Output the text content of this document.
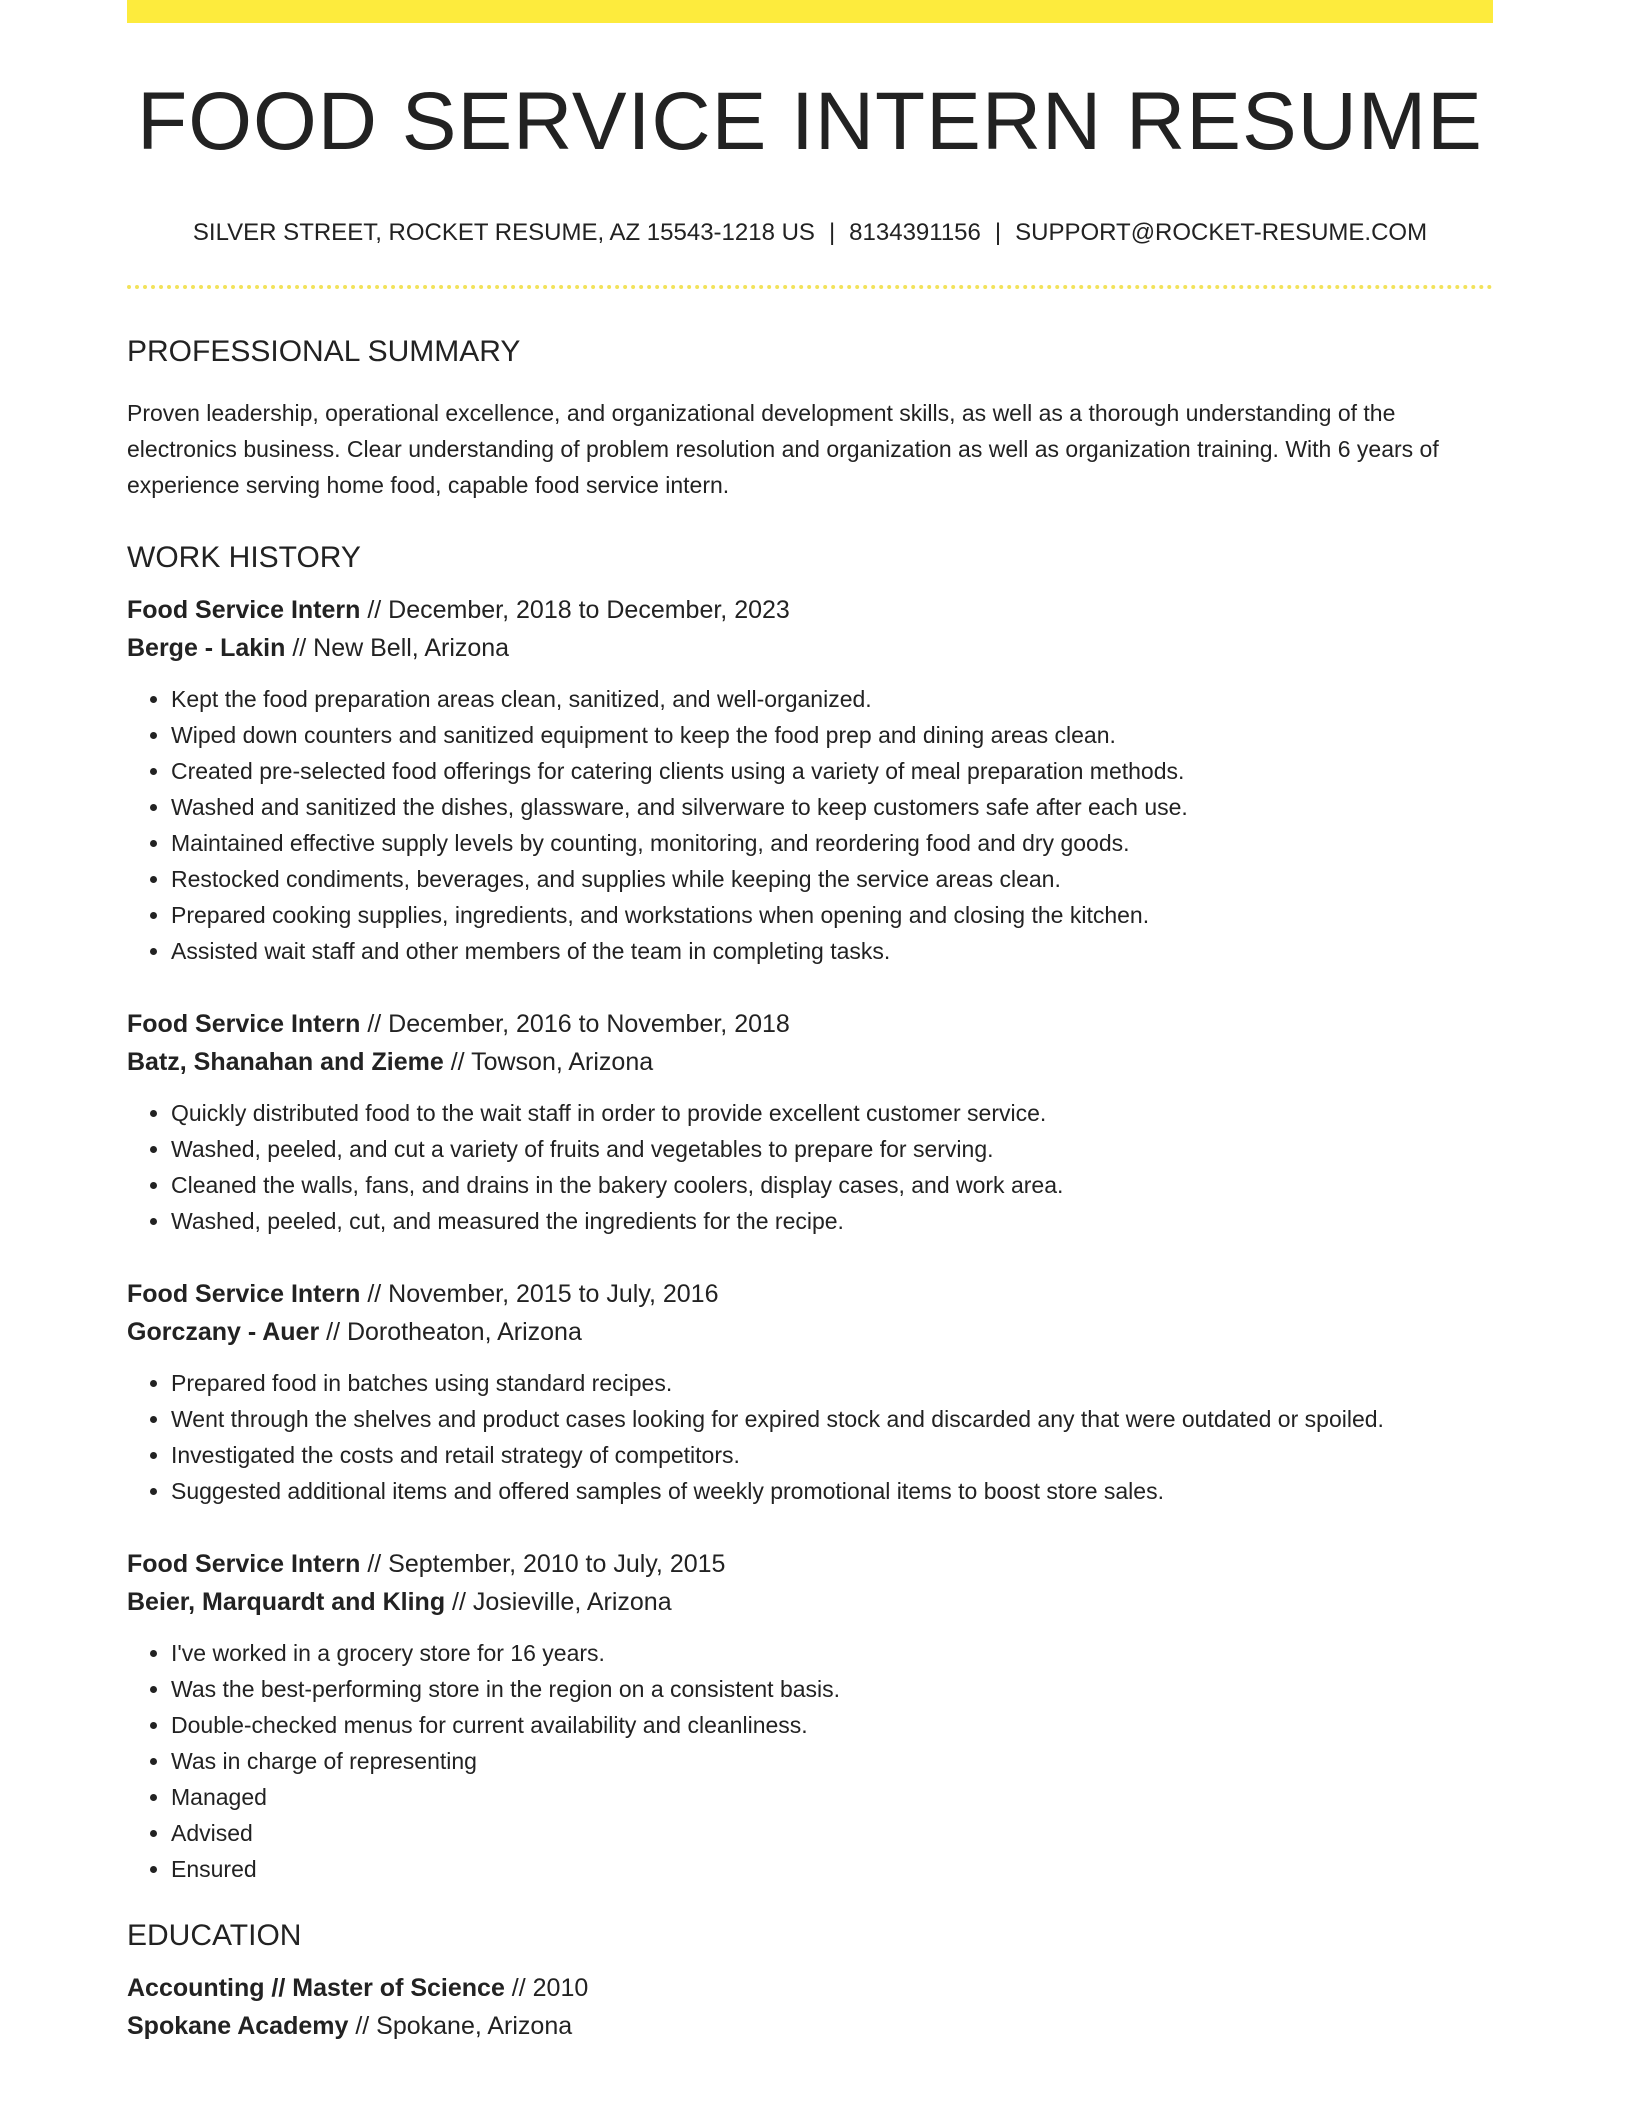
FOOD SERVICE INTERN RESUME
SILVER STREET, ROCKET RESUME, AZ 15543-1218 US | 8134391156 | SUPPORT@ROCKET-RESUME.COM
PROFESSIONAL SUMMARY

Proven leadership, operational excellence, and organizational development skills, as well as a thorough understanding of the electronics business. Clear understanding of problem resolution and organization as well as organization training. With 6 years of experience serving home food, capable food service intern.

WORK HISTORY
Food Service Intern // December, 2018 to December, 2023
Berge - Lakin // New Bell, Arizona
• Kept the food preparation areas clean, sanitized, and well-organized.
• Wiped down counters and sanitized equipment to keep the food prep and dining areas clean.
• Created pre-selected food offerings for catering clients using a variety of meal preparation methods.
• Washed and sanitized the dishes, glassware, and silverware to keep customers safe after each use.
• Maintained effective supply levels by counting, monitoring, and reordering food and dry goods.
• Restocked condiments, beverages, and supplies while keeping the service areas clean.
• Prepared cooking supplies, ingredients, and workstations when opening and closing the kitchen.
• Assisted wait staff and other members of the team in completing tasks.
Food Service Intern // December, 2016 to November, 2018
Batz, Shanahan and Zieme // Towson, Arizona
• Quickly distributed food to the wait staff in order to provide excellent customer service.
• Washed, peeled, and cut a variety of fruits and vegetables to prepare for serving.
• Cleaned the walls, fans, and drains in the bakery coolers, display cases, and work area.
• Washed, peeled, cut, and measured the ingredients for the recipe.
Food Service Intern // November, 2015 to July, 2016
Gorczany - Auer // Dorotheaton, Arizona
• Prepared food in batches using standard recipes.
• Went through the shelves and product cases looking for expired stock and discarded any that were outdated or spoiled.
• Investigated the costs and retail strategy of competitors.
• Suggested additional items and offered samples of weekly promotional items to boost store sales.
Food Service Intern // September, 2010 to July, 2015
Beier, Marquardt and Kling // Josieville, Arizona
• I've worked in a grocery store for 16 years.
• Was the best-performing store in the region on a consistent basis.
• Double-checked menus for current availability and cleanliness.
• Was in charge of representing
• Managed
• Advised
• Ensured
EDUCATION
Accounting // Master of Science // 2010
Spokane Academy // Spokane, Arizona
